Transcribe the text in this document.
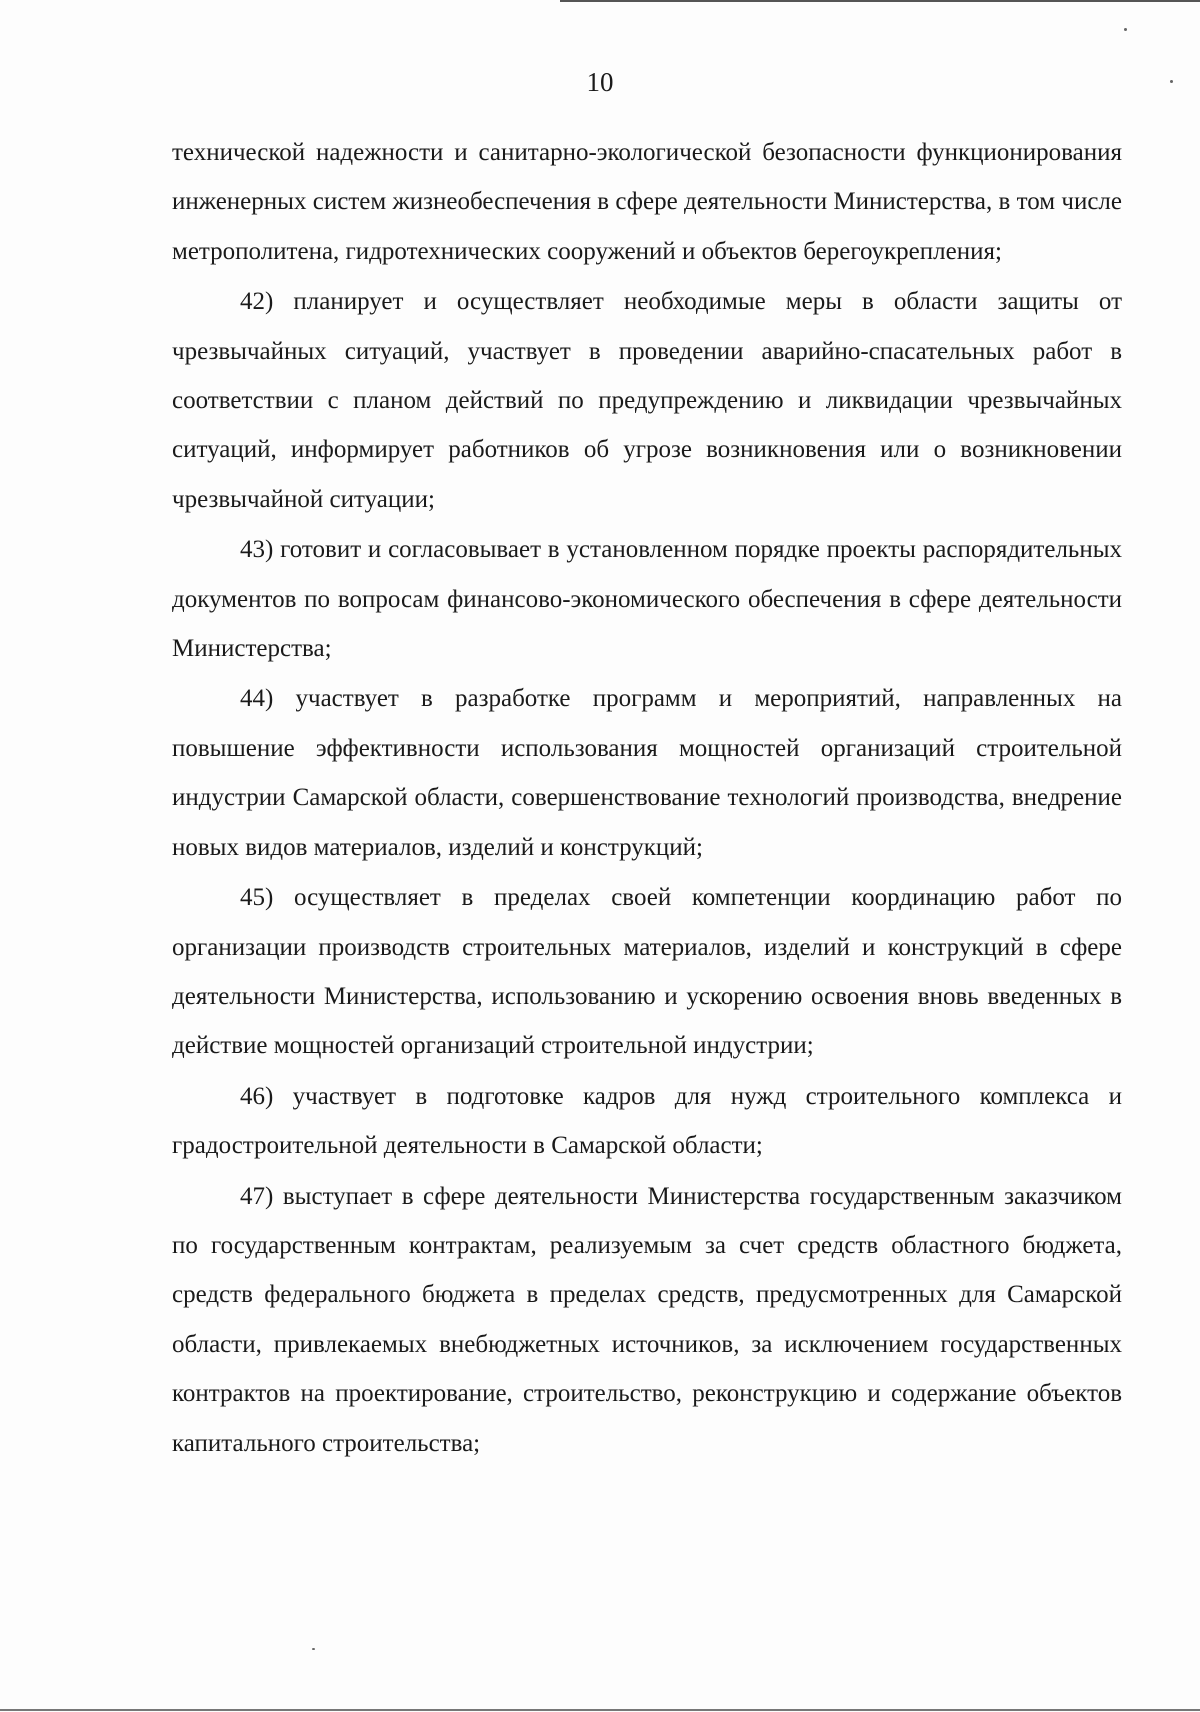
10

технической надежности и санитарно-экологической безопасности функционирования инженерных систем жизнеобеспечения в сфере деятельности Министерства, в том числе метрополитена, гидротехнических сооружений и объектов берегоукрепления;

42) планирует и осуществляет необходимые меры в области защиты от чрезвычайных ситуаций, участвует в проведении аварийно-спасательных работ в соответствии с планом действий по предупреждению и ликвидации чрезвычайных ситуаций, информирует работников об угрозе возникновения или о возникновении чрезвычайной ситуации;

43) готовит и согласовывает в установленном порядке проекты распорядительных документов по вопросам финансово-экономического обеспечения в сфере деятельности Министерства;

44) участвует в разработке программ и мероприятий, направленных на повышение эффективности использования мощностей организаций строительной индустрии Самарской области, совершенствование технологий производства, внедрение новых видов материалов, изделий и конструкций;

45) осуществляет в пределах своей компетенции координацию работ по организации производств строительных материалов, изделий и конструкций в сфере деятельности Министерства, использованию и ускорению освоения вновь введенных в действие мощностей организаций строительной индустрии;

46) участвует в подготовке кадров для нужд строительного комплекса и градостроительной деятельности в Самарской области;

47) выступает в сфере деятельности Министерства государственным заказчиком по государственным контрактам, реализуемым за счет средств областного бюджета, средств федерального бюджета в пределах средств, предусмотренных для Самарской области, привлекаемых внебюджетных источников, за исключением государственных контрактов на проектирование, строительство, реконструкцию и содержание объектов капитального строительства;
